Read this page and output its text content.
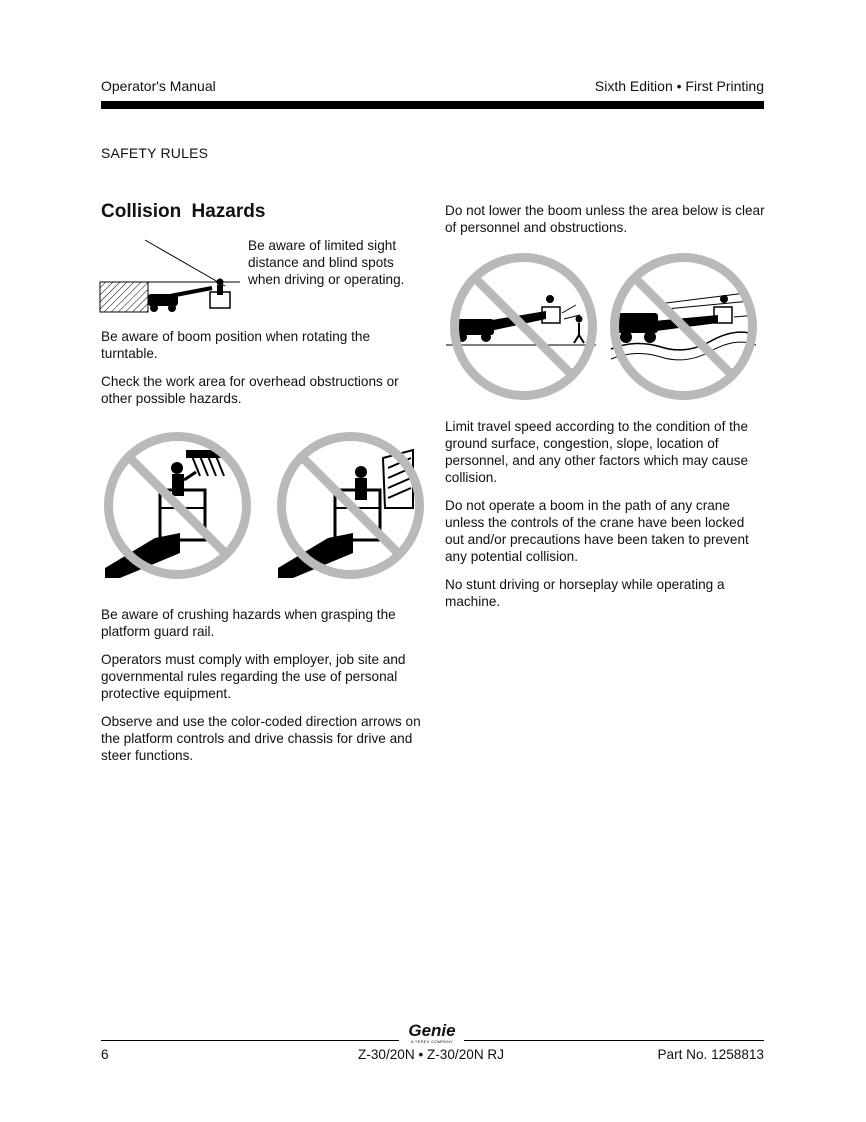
Operator's Manual	Sixth Edition • First Printing
SAFETY RULES
Collision Hazards
Be aware of limited sight distance and blind spots when driving or operating.
Be aware of boom position when rotating the turntable.
Check the work area for overhead obstructions or other possible hazards.
Be aware of crushing hazards when grasping the platform guard rail.
Operators must comply with employer, job site and governmental rules regarding the use of personal protective equipment.
Observe and use the color-coded direction arrows on the platform controls and drive chassis for drive and steer functions.
Do not lower the boom unless the area below is clear of personnel and obstructions.
Limit travel speed according to the condition of the ground surface, congestion, slope, location of personnel, and any other factors which may cause collision.
Do not operate a boom in the path of any crane unless the controls of the crane have been locked out and/or precautions have been taken to prevent any potential collision.
No stunt driving or horseplay while operating a machine.
Genie
A TEREX COMPANY
6	Z-30/20N • Z-30/20N RJ	Part No. 1258813
